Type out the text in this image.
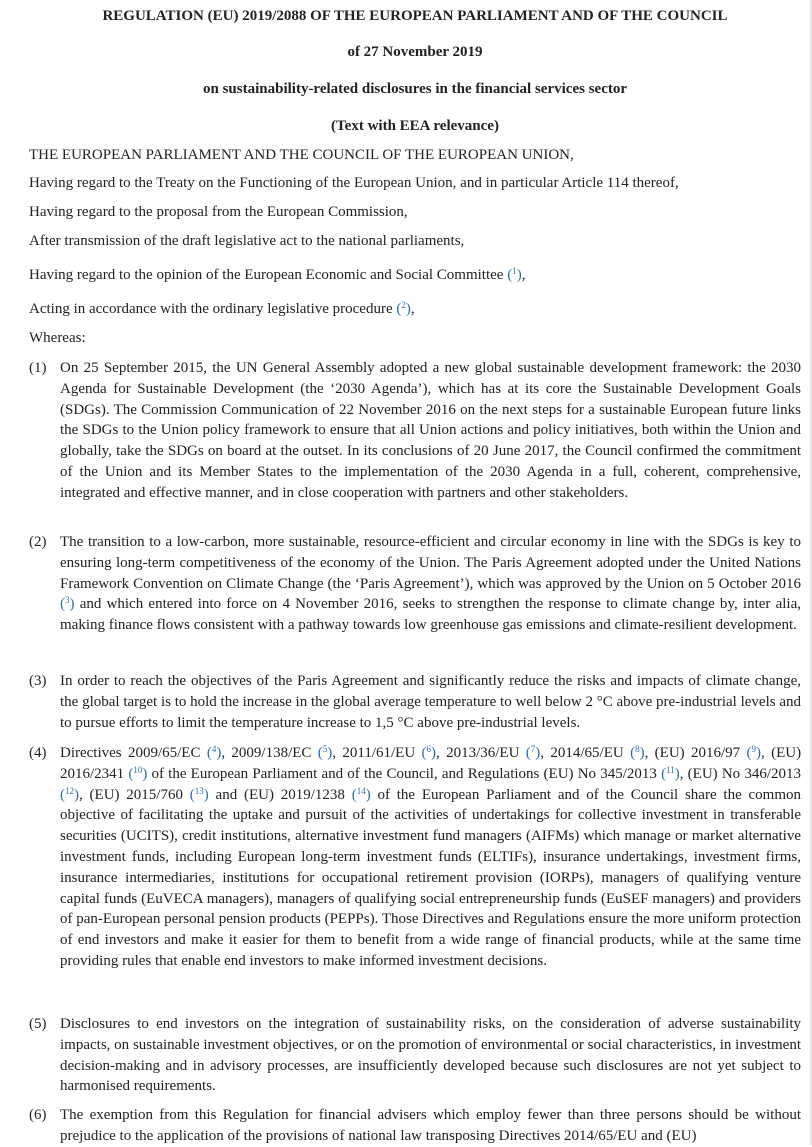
REGULATION (EU) 2019/2088 OF THE EUROPEAN PARLIAMENT AND OF THE COUNCIL
of 27 November 2019
on sustainability-related disclosures in the financial services sector
(Text with EEA relevance)
THE EUROPEAN PARLIAMENT AND THE COUNCIL OF THE EUROPEAN UNION,
Having regard to the Treaty on the Functioning of the European Union, and in particular Article 114 thereof,
Having regard to the proposal from the European Commission,
After transmission of the draft legislative act to the national parliaments,
Having regard to the opinion of the European Economic and Social Committee ($^1$),
Acting in accordance with the ordinary legislative procedure ($^2$),
Whereas:
(1) On 25 September 2015, the UN General Assembly adopted a new global sustainable development framework: the 2030 Agenda for Sustainable Development (the ‘2030 Agenda’), which has at its core the Sustainable Development Goals (SDGs). The Commission Communication of 22 November 2016 on the next steps for a sustainable European future links the SDGs to the Union policy framework to ensure that all Union actions and policy initiatives, both within the Union and globally, take the SDGs on board at the outset. In its conclusions of 20 June 2017, the Council confirmed the commitment of the Union and its Member States to the implementation of the 2030 Agenda in a full, coherent, comprehensive, integrated and effective manner, and in close cooperation with partners and other stakeholders.
(2) The transition to a low-carbon, more sustainable, resource-efficient and circular economy in line with the SDGs is key to ensuring long-term competitiveness of the economy of the Union. The Paris Agreement adopted under the United Nations Framework Convention on Climate Change (the ‘Paris Agreement’), which was approved by the Union on 5 October 2016 ($^3$) and which entered into force on 4 November 2016, seeks to strengthen the response to climate change by, inter alia, making finance flows consistent with a pathway towards low greenhouse gas emissions and climate-resilient development.
(3) In order to reach the objectives of the Paris Agreement and significantly reduce the risks and impacts of climate change, the global target is to hold the increase in the global average temperature to well below 2 °C above pre-industrial levels and to pursue efforts to limit the temperature increase to 1,5 °C above pre-industrial levels.
(4) Directives 2009/65/EC ($^4$), 2009/138/EC ($^5$), 2011/61/EU ($^6$), 2013/36/EU ($^7$), 2014/65/EU ($^8$), (EU) 2016/97 ($^9$), (EU) 2016/2341 ($^{10}$) of the European Parliament and of the Council, and Regulations (EU) No 345/2013 ($^{11}$), (EU) No 346/2013 ($^{12}$), (EU) 2015/760 ($^{13}$) and (EU) 2019/1238 ($^{14}$) of the European Parliament and of the Council share the common objective of facilitating the uptake and pursuit of the activities of undertakings for collective investment in transferable securities (UCITS), credit institutions, alternative investment fund managers (AIFMs) which manage or market alternative investment funds, including European long-term investment funds (ELTIFs), insurance undertakings, investment firms, insurance intermediaries, institutions for occupational retirement provision (IORPs), managers of qualifying venture capital funds (EuVECA managers), managers of qualifying social entrepreneurship funds (EuSEF managers) and providers of pan-European personal pension products (PEPPs). Those Directives and Regulations ensure the more uniform protection of end investors and make it easier for them to benefit from a wide range of financial products, while at the same time providing rules that enable end investors to make informed investment decisions.
(5) Disclosures to end investors on the integration of sustainability risks, on the consideration of adverse sustainability impacts, on sustainable investment objectives, or on the promotion of environmental or social characteristics, in investment decision-making and in advisory processes, are insufficiently developed because such disclosures are not yet subject to harmonised requirements.
(6) The exemption from this Regulation for financial advisers which employ fewer than three persons should be without prejudice to the application of the provisions of national law transposing Directives 2014/65/EU and (EU)
